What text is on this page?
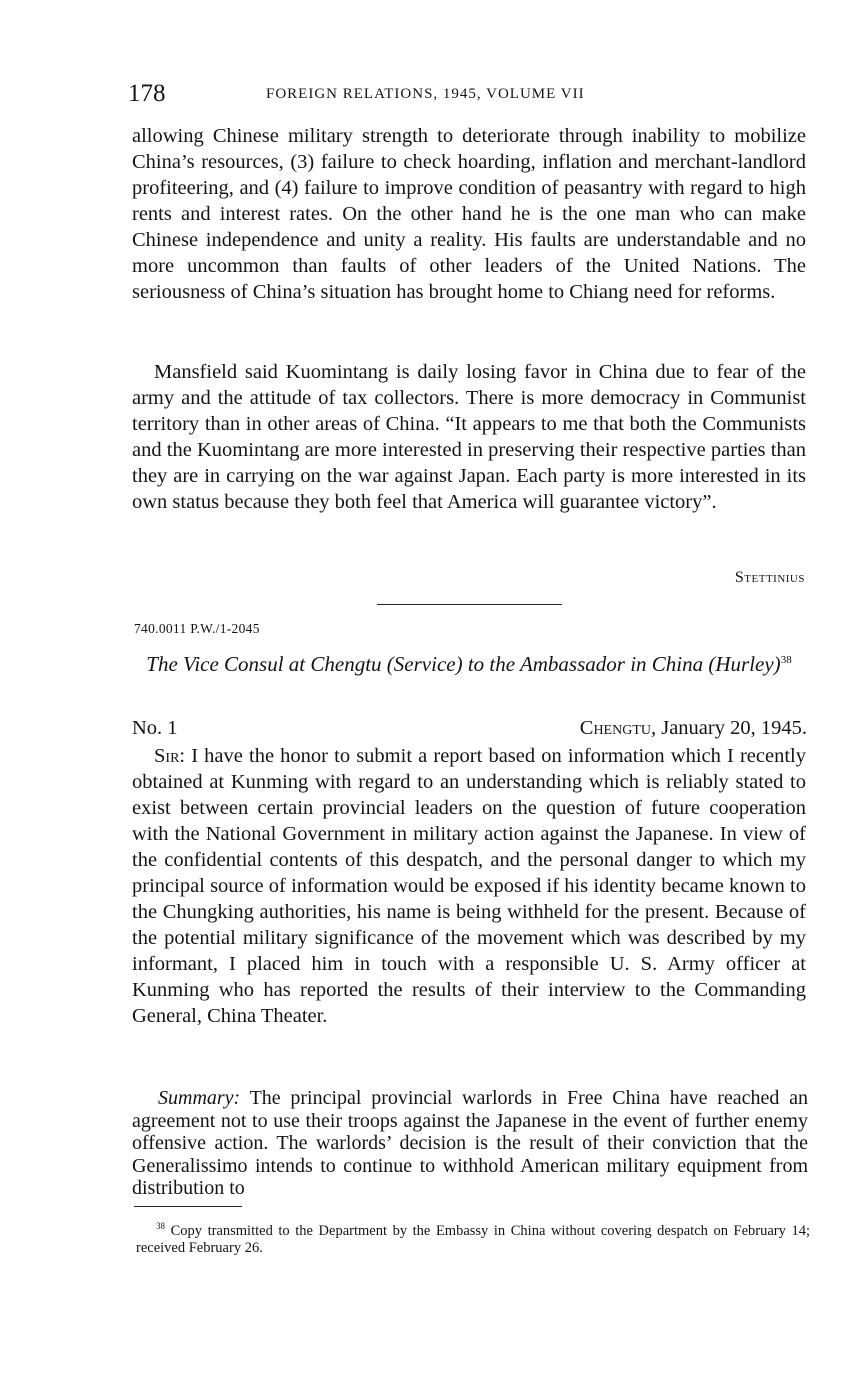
178	FOREIGN RELATIONS, 1945, VOLUME VII

allowing Chinese military strength to deteriorate through inability to mobilize China’s resources, (3) failure to check hoarding, inflation and merchant-landlord profiteering, and (4) failure to improve condition of peasantry with regard to high rents and interest rates. On the other hand he is the one man who can make Chinese independence and unity a reality. His faults are understandable and no more uncommon than faults of other leaders of the United Nations. The seriousness of China’s situation has brought home to Chiang need for reforms.

Mansfield said Kuomintang is daily losing favor in China due to fear of the army and the attitude of tax collectors. There is more democracy in Communist territory than in other areas of China. “It appears to me that both the Communists and the Kuomintang are more interested in preserving their respective parties than they are in carrying on the war against Japan. Each party is more interested in its own status because they both feel that America will guarantee victory”.

Stettinius
740.0011 P.W./1-2045

The Vice Consul at Chengtu (Service) to the Ambassador in China (Hurley)$^{38}$

No. 1	Chengtu, January 20, 1945.

Sir: I have the honor to submit a report based on information which I recently obtained at Kunming with regard to an understanding which is reliably stated to exist between certain provincial leaders on the question of future cooperation with the National Government in military action against the Japanese. In view of the confidential contents of this despatch, and the personal danger to which my principal source of information would be exposed if his identity became known to the Chungking authorities, his name is being withheld for the present. Because of the potential military significance of the movement which was described by my informant, I placed him in touch with a responsible U. S. Army officer at Kunming who has reported the results of their interview to the Commanding General, China Theater.

Summary: The principal provincial warlords in Free China have reached an agreement not to use their troops against the Japanese in the event of further enemy offensive action. The warlords’ decision is the result of their conviction that the Generalissimo intends to continue to withhold American military equipment from distribution to

$^{38}$ Copy transmitted to the Department by the Embassy in China without covering despatch on February 14; received February 26.
